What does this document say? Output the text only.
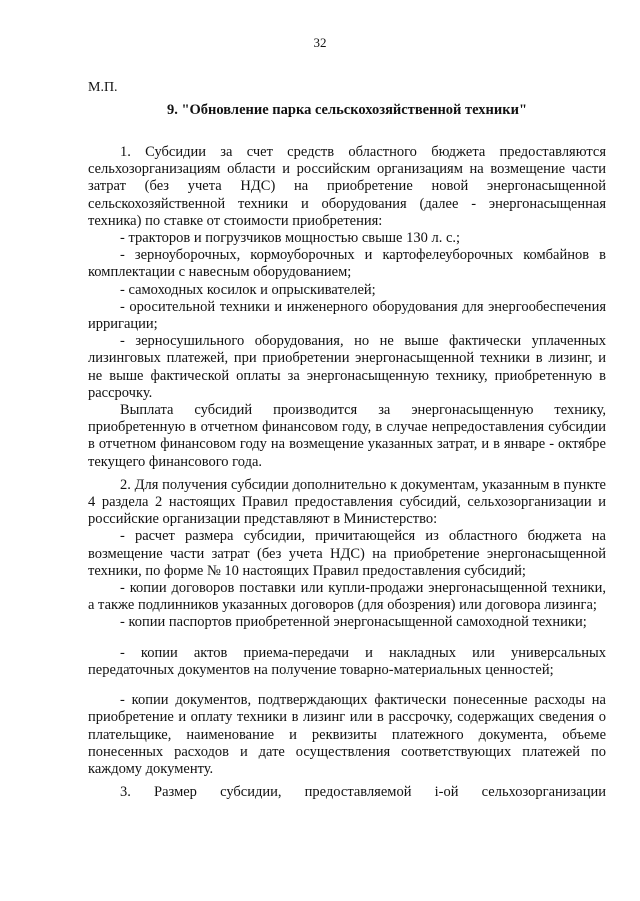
32
М.П.
9. "Обновление парка сельскохозяйственной техники"

1. Субсидии за счет средств областного бюджета предоставляются сельхозорганизациям области и российским организациям на возмещение части затрат (без учета НДС) на приобретение новой энергонасыщенной сельскохозяйственной техники и оборудования (далее - энергонасыщенная техника) по ставке от стоимости приобретения:

- тракторов и погрузчиков мощностью свыше 130 л. с.;

- зерноуборочных, кормоуборочных и картофелеуборочных комбайнов в комплектации с навесным оборудованием;

- самоходных косилок и опрыскивателей;

- оросительной техники и инженерного оборудования для энергообеспечения ирригации;

- зерносушильного оборудования, но не выше фактически уплаченных лизинговых платежей, при приобретении энергонасыщенной техники в лизинг, и не выше фактической оплаты за энергонасыщенную технику, приобретенную в рассрочку.

Выплата субсидий производится за энергонасыщенную технику, приобретенную в отчетном финансовом году, в случае непредоставления субсидии в отчетном финансовом году на возмещение указанных затрат, и в январе - октябре текущего финансового года.

2. Для получения субсидии дополнительно к документам, указанным в пункте 4 раздела 2 настоящих Правил предоставления субсидий, сельхозорганизации и российские организации представляют в Министерство:

- расчет размера субсидии, причитающейся из областного бюджета на возмещение части затрат (без учета НДС) на приобретение энергонасыщенной техники, по форме № 10 настоящих Правил предоставления субсидий;

- копии договоров поставки или купли-продажи энергонасыщенной техники, а также подлинников указанных договоров (для обозрения) или договора лизинга;

- копии паспортов приобретенной энергонасыщенной самоходной техники;

- копии актов приема-передачи и накладных или универсальных передаточных документов на получение товарно-материальных ценностей;

- копии документов, подтверждающих фактически понесенные расходы на приобретение и оплату техники в лизинг или в рассрочку, содержащих сведения о плательщике, наименование и реквизиты платежного документа, объеме понесенных расходов и дате осуществления соответствующих платежей по каждому документу.

3. Размер субсидии, предоставляемой i-ой сельхозорганизации
